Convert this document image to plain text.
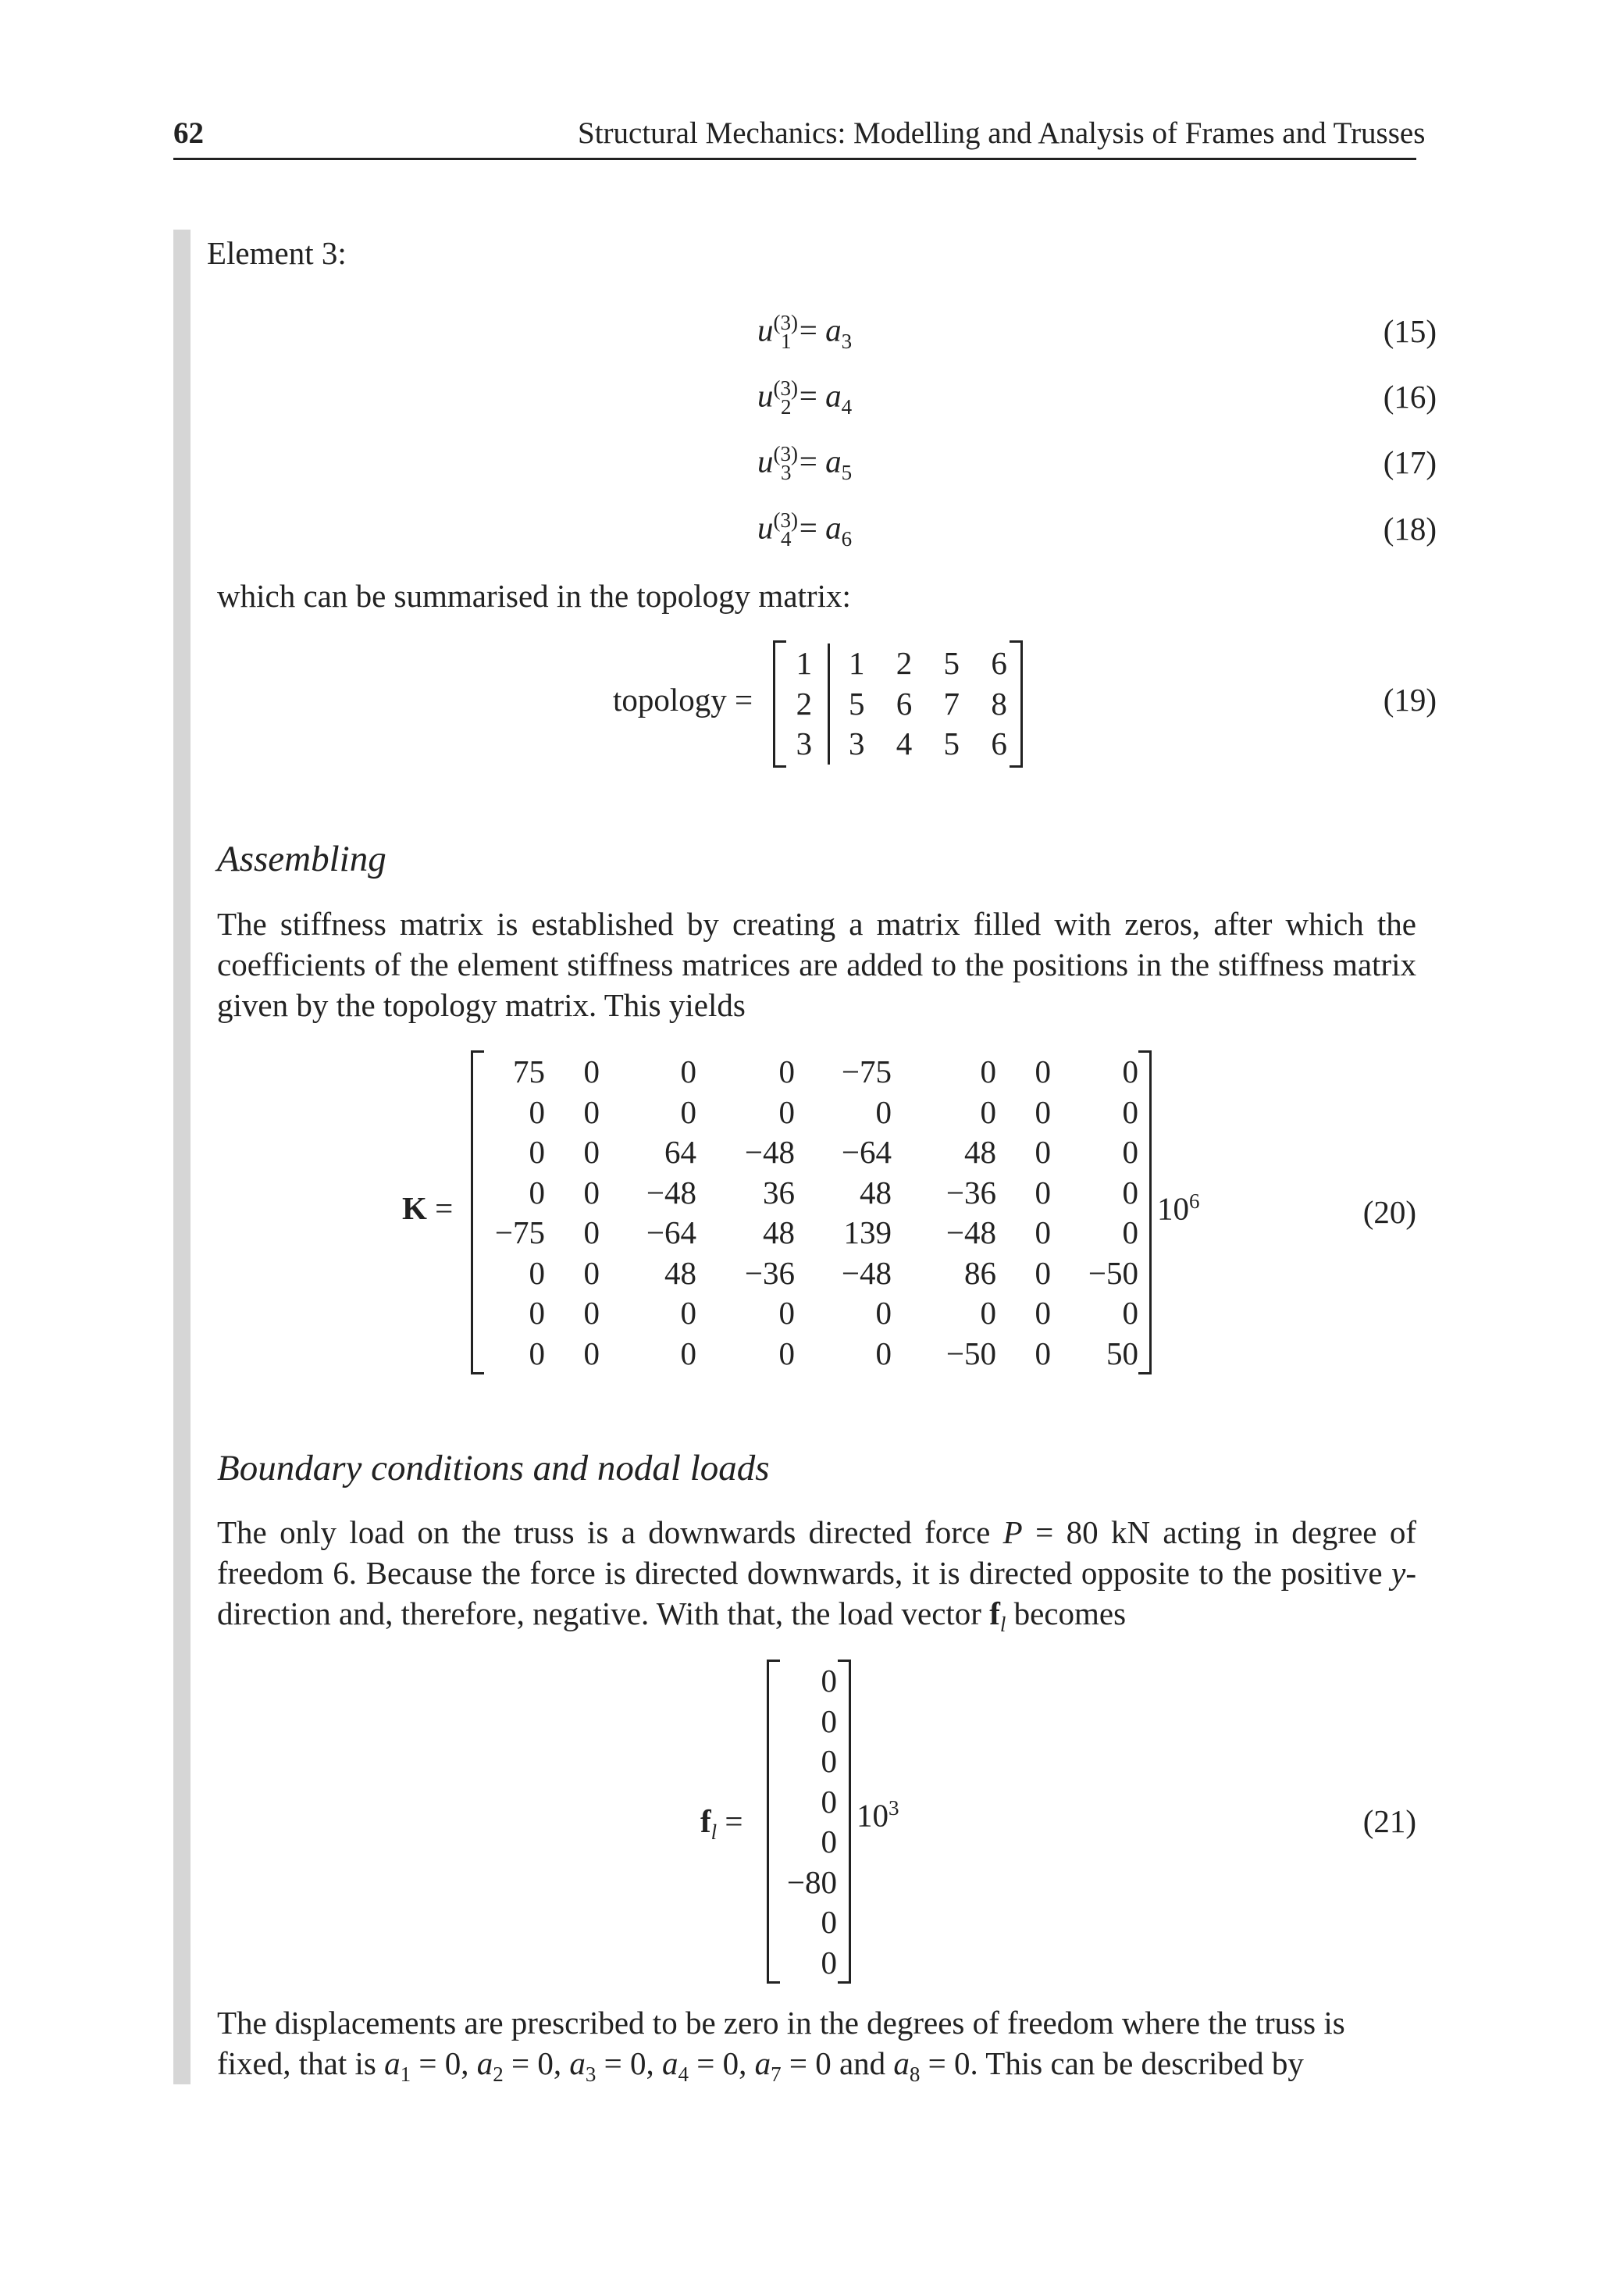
62	Structural Mechanics: Modelling and Analysis of Frames and Trusses
Element 3:
$u^{(3)}_1 = a_3$	(15)
$u^{(3)}_2 = a_4$	(16)
$u^{(3)}_3 = a_5$	(17)
$u^{(3)}_4 = a_6$	(18)
which can be summarised in the topology matrix:
topology =
1		1	2	5	6
2		5	6	7	8
3		3	4	5	6
(19)
Assembling
The stiffness matrix is established by creating a matrix filled with zeros, after which the coefficients of the element stiffness matrices are added to the positions in the stiffness matrix given by the topology matrix. This yields
K =
75	0	0	0	−75	0	0	0
0	0	0	0	0	0	0	0
0	0	64	−48	−64	48	0	0
0	0	−48	36	48	−36	0	0
−75	0	−64	48	139	−48	0	0
0	0	48	−36	−48	86	0	−50
0	0	0	0	0	0	0	0
0	0	0	0	0	−50	0	50
$10^6$	(20)
Boundary conditions and nodal loads
The only load on the truss is a downwards directed force P = 80 kN acting in degree of freedom 6. Because the force is directed downwards, it is directed opposite to the positive y-direction and, therefore, negative. With that, the load vector $f_l$ becomes
$f_l$ =
0
0
0
0
0
−80
0
0
$10^3$	(21)
The displacements are prescribed to be zero in the degrees of freedom where the truss is
fixed, that is $a_1 = 0$, $a_2 = 0$, $a_3 = 0$, $a_4 = 0$, $a_7 = 0$ and $a_8 = 0$. This can be described by
